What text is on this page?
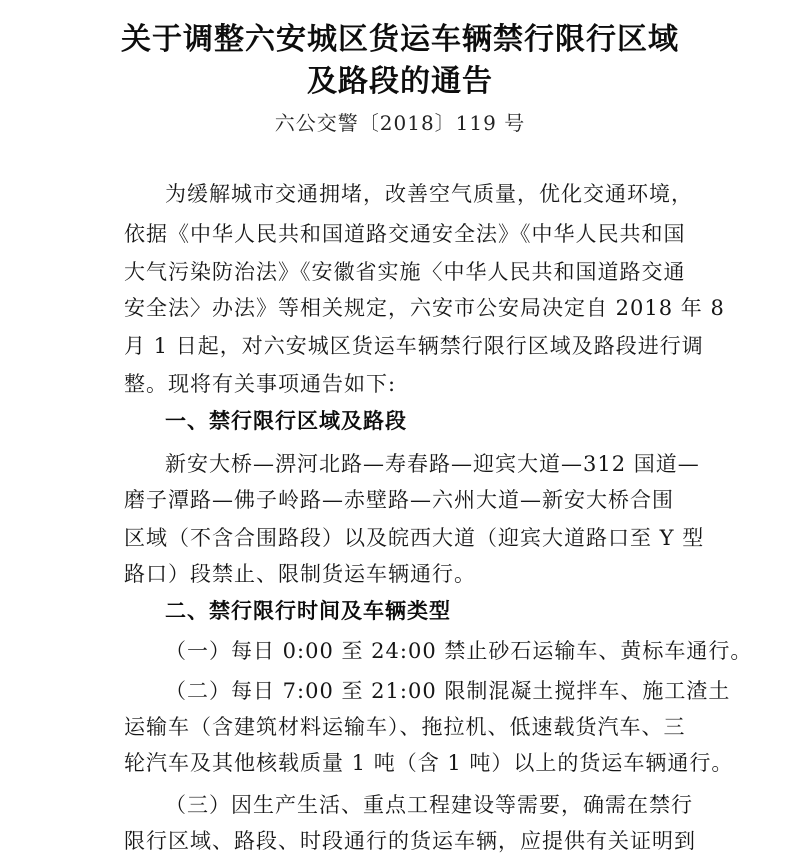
关于调整六安城区货运车辆禁行限行区域
及路段的通告
六公交警〔2018〕119 号
为缓解城市交通拥堵，改善空气质量，优化交通环境，
依据《中华人民共和国道路交通安全法》《中华人民共和国
大气污染防治法》《安徽省实施〈中华人民共和国道路交通
安全法〉办法》等相关规定，六安市公安局决定自 2018 年 8
月 1 日起，对六安城区货运车辆禁行限行区域及路段进行调
整。现将有关事项通告如下:
一、禁行限行区域及路段
新安大桥—淠河北路—寿春路—迎宾大道—312 国道—
磨子潭路—佛子岭路—赤壁路—六州大道—新安大桥合围
区域（不含合围路段）以及皖西大道（迎宾大道路口至 Y 型
路口）段禁止、限制货运车辆通行。
二、禁行限行时间及车辆类型
（一）每日 0:00 至 24:00 禁止砂石运输车、黄标车通行。
（二）每日 7:00 至 21:00 限制混凝土搅拌车、施工渣土
运输车（含建筑材料运输车）、拖拉机、低速载货汽车、三
轮汽车及其他核载质量 1 吨（含 1 吨）以上的货运车辆通行。
（三）因生产生活、重点工程建设等需要，确需在禁行
限行区域、路段、时段通行的货运车辆，应提供有关证明到
